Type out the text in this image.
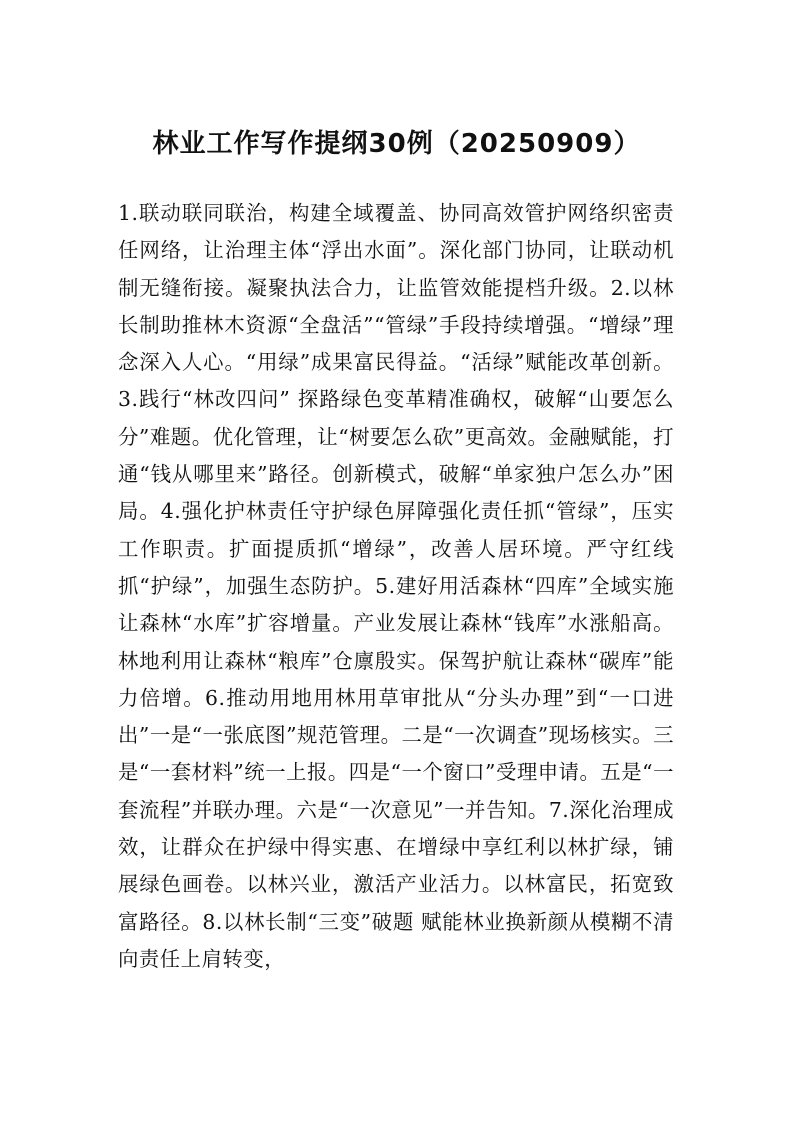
林业工作写作提纲30例（20250909）

1.联动联同联治，构建全域覆盖、协同高效管护网络织密责任网络，让治理主体“浮出水面”。深化部门协同，让联动机制无缝衔接。凝聚执法合力，让监管效能提档升级。2.以林长制助推林木资源“全盘活”“管绿”手段持续增强。“增绿”理念深入人心。“用绿”成果富民得益。“活绿”赋能改革创新。3.践行“林改四问” 探路绿色变革精准确权，破解“山要怎么分”难题。优化管理，让“树要怎么砍”更高效。金融赋能，打通“钱从哪里来”路径。创新模式，破解“单家独户怎么办”困局。4.强化护林责任守护绿色屏障强化责任抓“管绿”，压实工作职责。扩面提质抓“增绿”，改善人居环境。严守红线抓“护绿”，加强生态防护。5.建好用活森林“四库”全域实施让森林“水库”扩容增量。产业发展让森林“钱库”水涨船高。林地利用让森林“粮库”仓廪殷实。保驾护航让森林“碳库”能力倍增。6.推动用地用林用草审批从“分头办理”到“一口进出”一是“一张底图”规范管理。二是“一次调查”现场核实。三是“一套材料”统一上报。四是“一个窗口”受理申请。五是“一套流程”并联办理。六是“一次意见”一并告知。7.深化治理成效，让群众在护绿中得实惠、在增绿中享红利以林扩绿，铺展绿色画卷。以林兴业，激活产业活力。以林富民，拓宽致富路径。8.以林长制“三变”破题 赋能林业换新颜从模糊不清向责任上肩转变，
